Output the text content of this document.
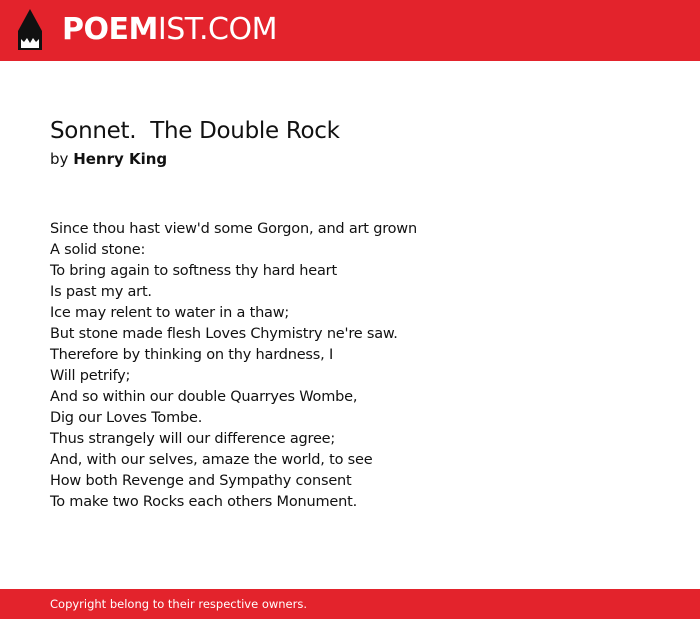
POEMIST.COM
Sonnet.  The Double Rock
by Henry King
Since thou hast view'd some Gorgon, and art grown
A solid stone:
To bring again to softness thy hard heart
Is past my art.
Ice may relent to water in a thaw;
But stone made flesh Loves Chymistry ne're saw.
Therefore by thinking on thy hardness, I
Will petrify;
And so within our double Quarryes Wombe,
Dig our Loves Tombe.
Thus strangely will our difference agree;
And, with our selves, amaze the world, to see
How both Revenge and Sympathy consent
To make two Rocks each others Monument.
Copyright belong to their respective owners.
